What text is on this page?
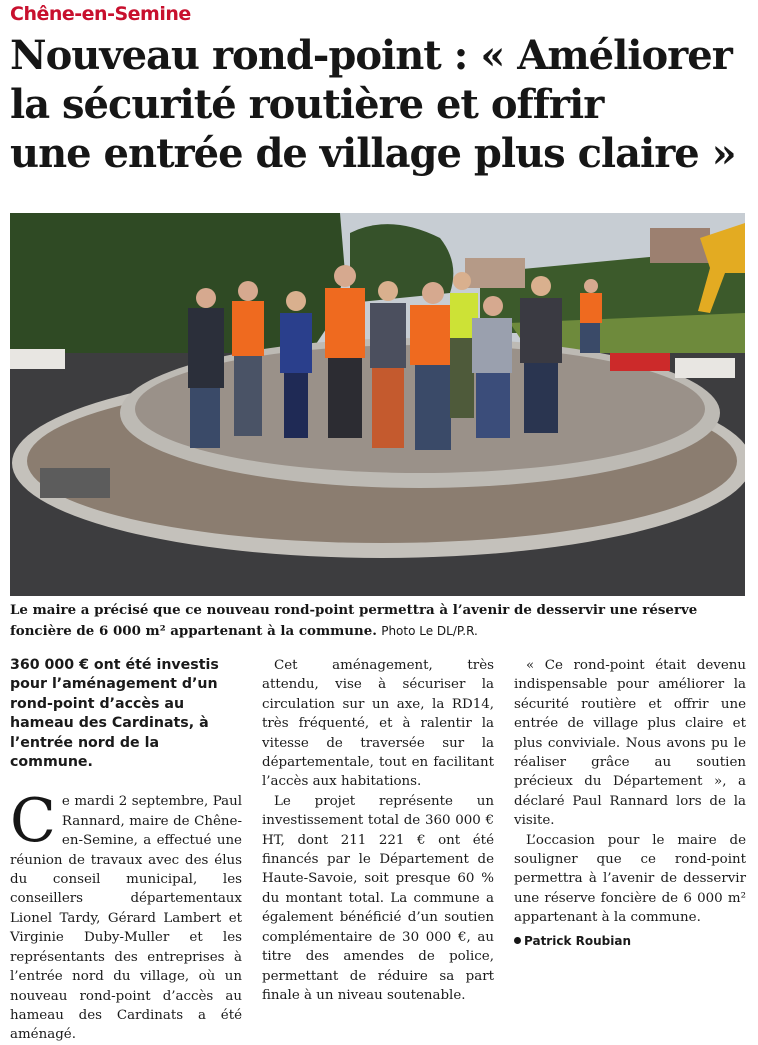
Chêne-en-Semine
Nouveau rond-point : « Améliorer
la sécurité routière et offrir
une entrée de village plus claire »
Le maire a précisé que ce nouveau rond-point permettra à l’avenir de desservir une réserve foncière de 6 000 m² appartenant à la commune. Photo Le DL/P.R.

360 000 € ont été investis pour l’aménagement d’un rond-point d’accès au hameau des Cardinats, à l’entrée nord de la commune.

Ce mardi 2 septembre, Paul Rannard, maire de Chêne-en-Semine, a effectué une réunion de travaux avec des élus du conseil municipal, les conseillers départementaux Lionel Tardy, Gérard Lambert et Virginie Duby-Muller et les représentants des entreprises à l’entrée nord du village, où un nouveau rond-point d’accès au hameau des Cardinats a été aménagé.

Cet aménagement, très attendu, vise à sécuriser la circulation sur un axe, la RD14, très fréquenté, et à ralentir la vitesse de traversée sur la départementale, tout en facilitant l’accès aux habitations.

Le projet représente un investissement total de 360 000 € HT, dont 211 221 € ont été financés par le Département de Haute-Savoie, soit presque 60 % du montant total. La commune a également bénéficié d’un soutien complémentaire de 30 000 €, au titre des amendes de police, permettant de réduire sa part finale à un niveau soutenable.

« Ce rond-point était devenu indispensable pour améliorer la sécurité routière et offrir une entrée de village plus claire et plus conviviale. Nous avons pu le réaliser grâce au soutien précieux du Département », a déclaré Paul Rannard lors de la visite.

L’occasion pour le maire de souligner que ce rond-point permettra à l’avenir de desservir une réserve foncière de 6 000 m² appartenant à la commune.

Patrick Roubian
